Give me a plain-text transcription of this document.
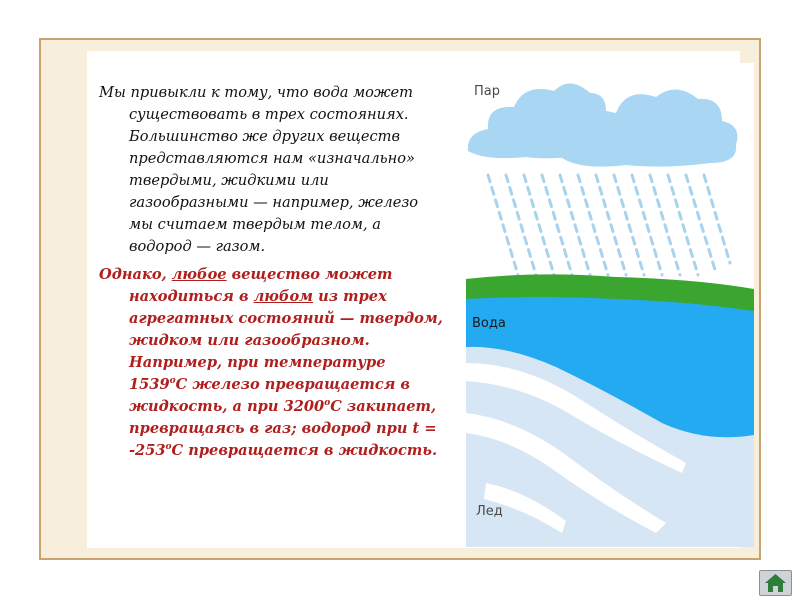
Мы привыкли к тому, что вода может существовать в трех состояниях. Большинство же других веществ представляются нам «изначально» твердыми, жидкими или газообразными — например, железо мы считаем твердым телом, а водород — газом.

Однако, любое вещество может находиться в любом из трех агрегатных состояний — твердом, жидком или газообразном. Например, при температуре $1539^оС$ железо превращается в жидкость, а при $3200^оС$ закипает, превращаясь в газ; водород при $t = -253^оС$ превращается в жидкость.

Пар
Вода
Лед
